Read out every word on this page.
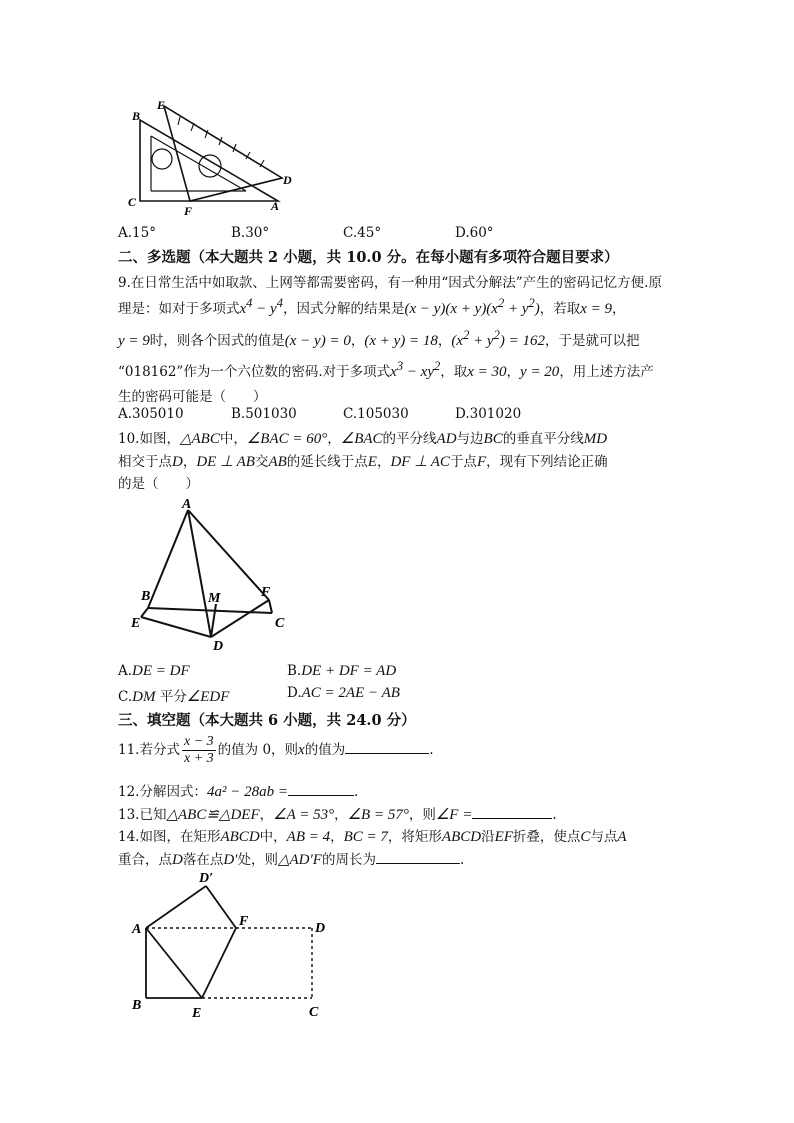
B
E
D
C
F	A
A.15°	B.30°	C.45°	D.60°
二、多选题（本大题共 2 小题，共 10.0 分。在每小题有多项符合题目要求）
9.在日常生活中如取款、上网等都需要密码，有一种用“因式分解法”产生的密码记忆方便.原
理是：如对于多项式$x^4 - y^4$，因式分解的结果是$(x - y)(x + y)(x^2 + y^2)$，若取x = 9，
y = 9时，则各个因式的值是(x − y) = 0，(x + y) = 18，$(x^2 + y^2) = 162$，于是就可以把
“018162”作为一个六位数的密码.对于多项式$x^3 - xy^2$，取x = 30，y = 20，用上述方法产
生的密码可能是（　　）
A.305010	B.501030	C.105030	D.301020
10.如图，△ABC中，∠BAC = 60°，∠BAC的平分线AD与边BC的垂直平分线MD
相交于点D，DE ⊥ AB交AB的延长线于点E，DF ⊥ AC于点F，现有下列结论正确
的是（　　）
A
B	M	F
E	C
D
A.DE = DF	B.DE + DF = AD
C.DM 平分∠EDF	D.AC = 2AE − AB
三、填空题（本大题共 6 小题，共 24.0 分）
11.若分式 $\frac{x - 3}{x + 3}$ 的值为 0，则x的值为	.
12.分解因式：4a² − 28ab =	.
13.已知△ABC≌△DEF，∠A = 53°，∠B = 57°，则∠F =	.
14.如图，在矩形ABCD中，AB = 4，BC = 7，将矩形ABCD沿EF折叠，使点C与点A
重合，点D落在点D′处，则△AD′F的周长为	.
D′
A
F	D
B
E	C
